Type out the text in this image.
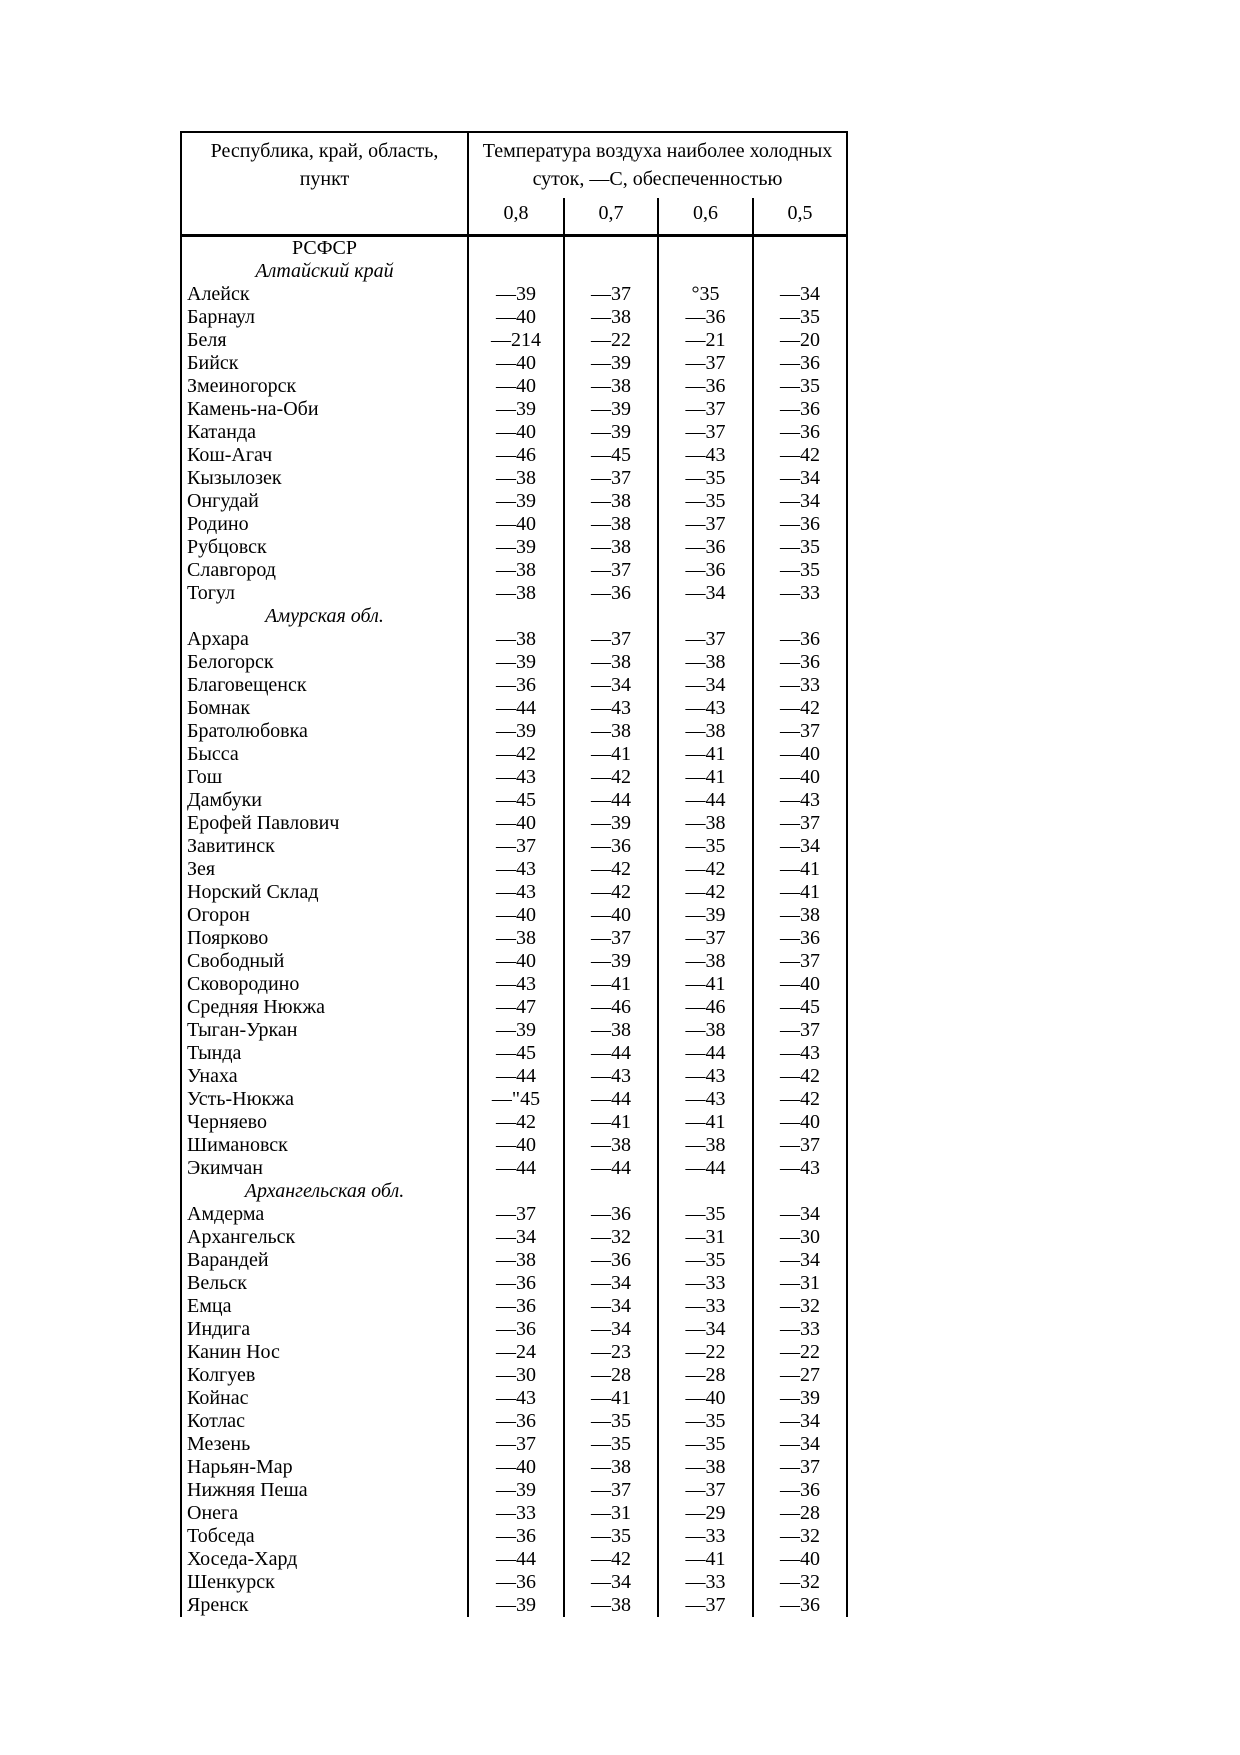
Республика, край, область,
пункт

Температура воздуха наиболее холодных
суток, —С, обеспеченностью

	0,8	0,7	0,6	0,5
РСФСР				
Алтайский край				
Алейск	—39	—37	°35	—34
Барнаул	—40	—38	—36	—35
Беля	—214	—22	—21	—20
Бийск	—40	—39	—37	—36
Змеиногорск	—40	—38	—36	—35
Камень-на-Оби	—39	—39	—37	—36
Катанда	—40	—39	—37	—36
Кош-Агач	—46	—45	—43	—42
Кызылозек	—38	—37	—35	—34
Онгудай	—39	—38	—35	—34
Родино	—40	—38	—37	—36
Рубцовск	—39	—38	—36	—35
Славгород	—38	—37	—36	—35
Тогул	—38	—36	—34	—33
Амурская обл.				
Архара	—38	—37	—37	—36
Белогорск	—39	—38	—38	—36
Благовещенск	—36	—34	—34	—33
Бомнак	—44	—43	—43	—42
Братолюбовка	—39	—38	—38	—37
Бысса	—42	—41	—41	—40
Гош	—43	—42	—41	—40
Дамбуки	—45	—44	—44	—43
Ерофей Павлович	—40	—39	—38	—37
Завитинск	—37	—36	—35	—34
Зея	—43	—42	—42	—41
Норский Склад	—43	—42	—42	—41
Огорон	—40	—40	—39	—38
Поярково	—38	—37	—37	—36
Свободный	—40	—39	—38	—37
Сковородино	—43	—41	—41	—40
Средняя Нюкжа	—47	—46	—46	—45
Тыган-Уркан	—39	—38	—38	—37
Тында	—45	—44	—44	—43
Унаха	—44	—43	—43	—42
Усть-Нюкжа	—"45	—44	—43	—42
Черняево	—42	—41	—41	—40
Шимановск	—40	—38	—38	—37
Экимчан	—44	—44	—44	—43
Архангельская обл.				
Амдерма	—37	—36	—35	—34
Архангельск	—34	—32	—31	—30
Варандей	—38	—36	—35	—34
Вельск	—36	—34	—33	—31
Емца	—36	—34	—33	—32
Индига	—36	—34	—34	—33
Канин Нос	—24	—23	—22	—22
Колгуев	—30	—28	—28	—27
Койнас	—43	—41	—40	—39
Котлас	—36	—35	—35	—34
Мезень	—37	—35	—35	—34
Нарьян-Мар	—40	—38	—38	—37
Нижняя Пеша	—39	—37	—37	—36
Онега	—33	—31	—29	—28
Тобседа	—36	—35	—33	—32
Хоседа-Хард	—44	—42	—41	—40
Шенкурск	—36	—34	—33	—32
Яренск	—39	—38	—37	—36
